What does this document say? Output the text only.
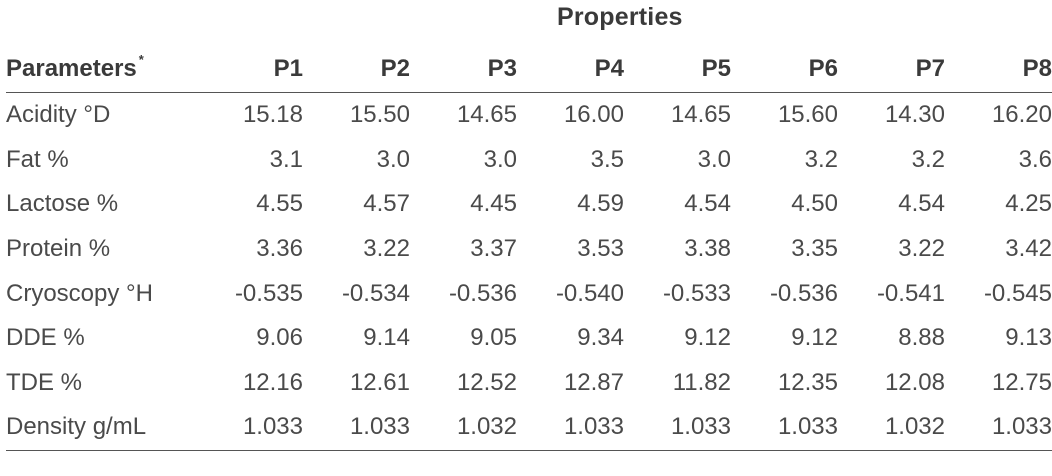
Properties
Parameters *	P1	P2	P3	P4	P5	P6	P7	P8
Acidity °D	15.18	15.50	14.65	16.00	14.65	15.60	14.30	16.20
Fat %	3.1	3.0	3.0	3.5	3.0	3.2	3.2	3.6
Lactose %	4.55	4.57	4.45	4.59	4.54	4.50	4.54	4.25
Protein %	3.36	3.22	3.37	3.53	3.38	3.35	3.22	3.42
Cryoscopy °H	-0.535	-0.534	-0.536	-0.540	-0.533	-0.536	-0.541	-0.545
DDE %	9.06	9.14	9.05	9.34	9.12	9.12	8.88	9.13
TDE %	12.16	12.61	12.52	12.87	11.82	12.35	12.08	12.75
Density g/mL	1.033	1.033	1.032	1.033	1.033	1.033	1.032	1.033
